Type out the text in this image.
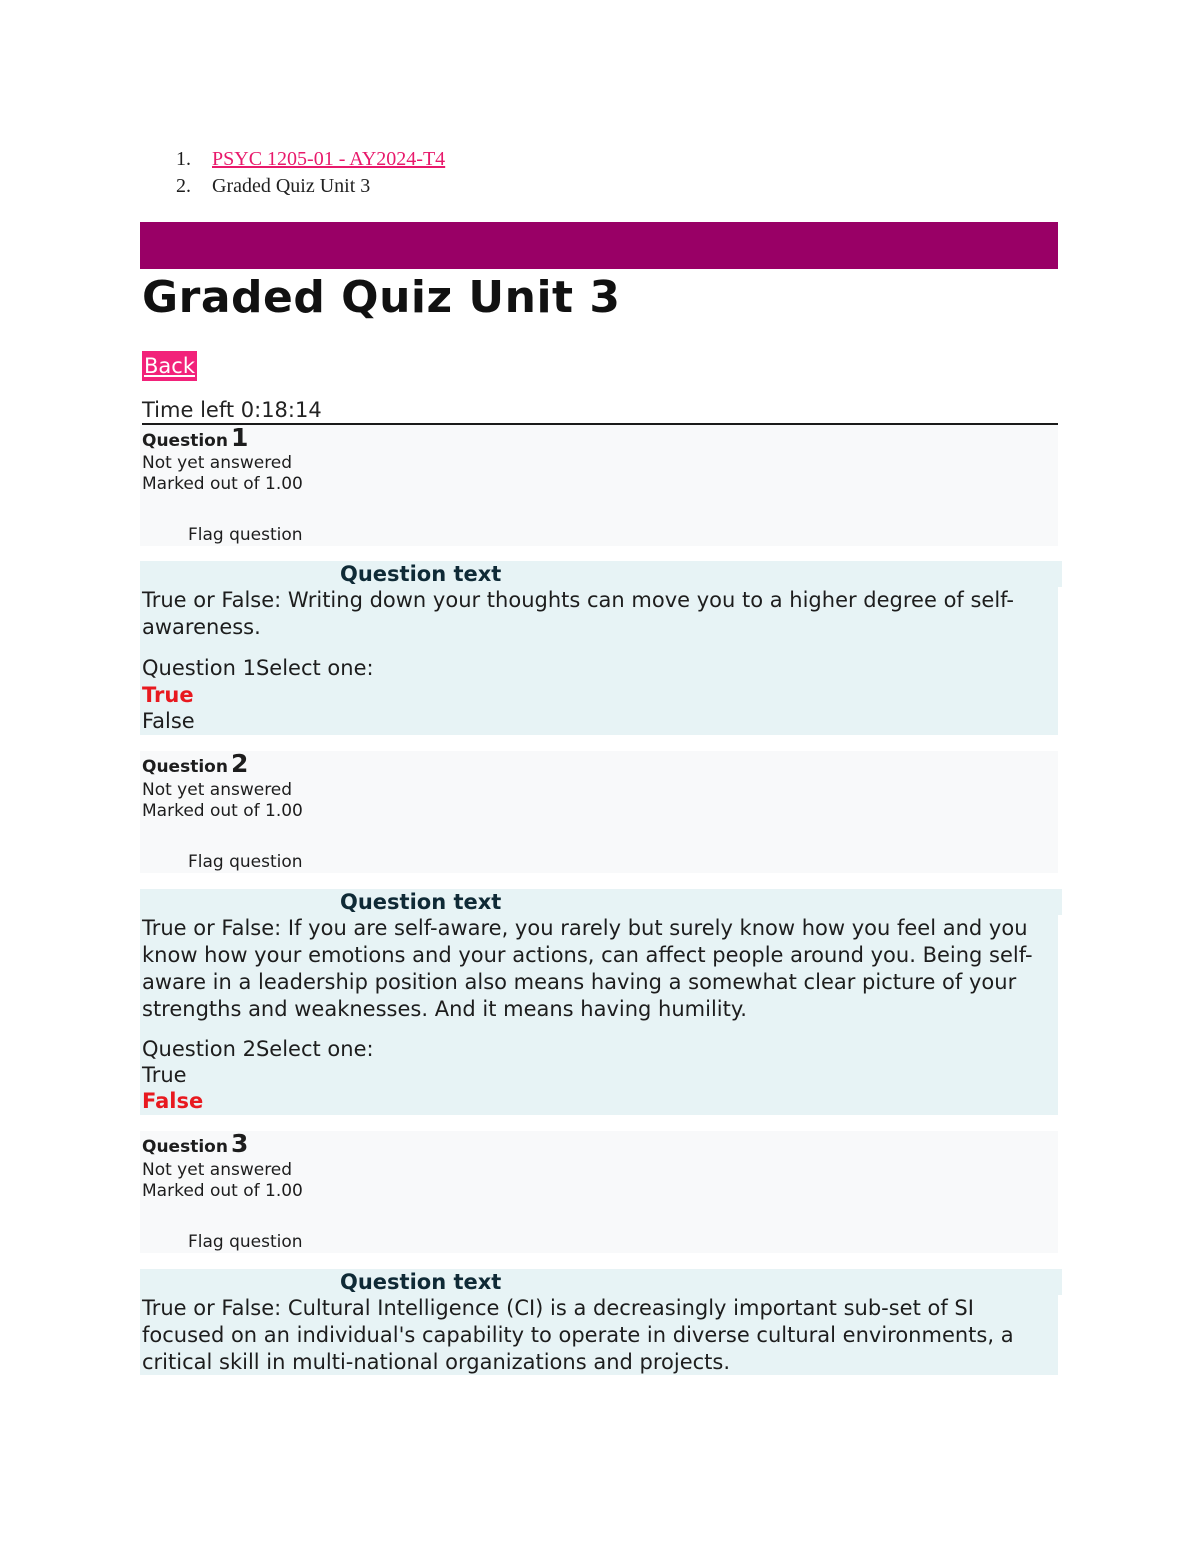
1.	PSYC 1205-01 - AY2024-T4
2.	Graded Quiz Unit 3
Graded Quiz Unit 3
Back
Time left 0:18:14
Question 1
Not yet answered
Marked out of 1.00
Flag question
Question text
True or False: Writing down your thoughts can move you to a higher degree of self-awareness.
Question 1Select one:
True
False
Question 2
Not yet answered
Marked out of 1.00
Flag question
Question text
True or False: If you are self-aware, you rarely but surely know how you feel and you know how your emotions and your actions, can affect people around you. Being self-aware in a leadership position also means having a somewhat clear picture of your strengths and weaknesses. And it means having humility.
Question 2Select one:
True
False
Question 3
Not yet answered
Marked out of 1.00
Flag question
Question text
True or False: Cultural Intelligence (CI) is a decreasingly important sub-set of SI focused on an individual's capability to operate in diverse cultural environments, a critical skill in multi-national organizations and projects.
